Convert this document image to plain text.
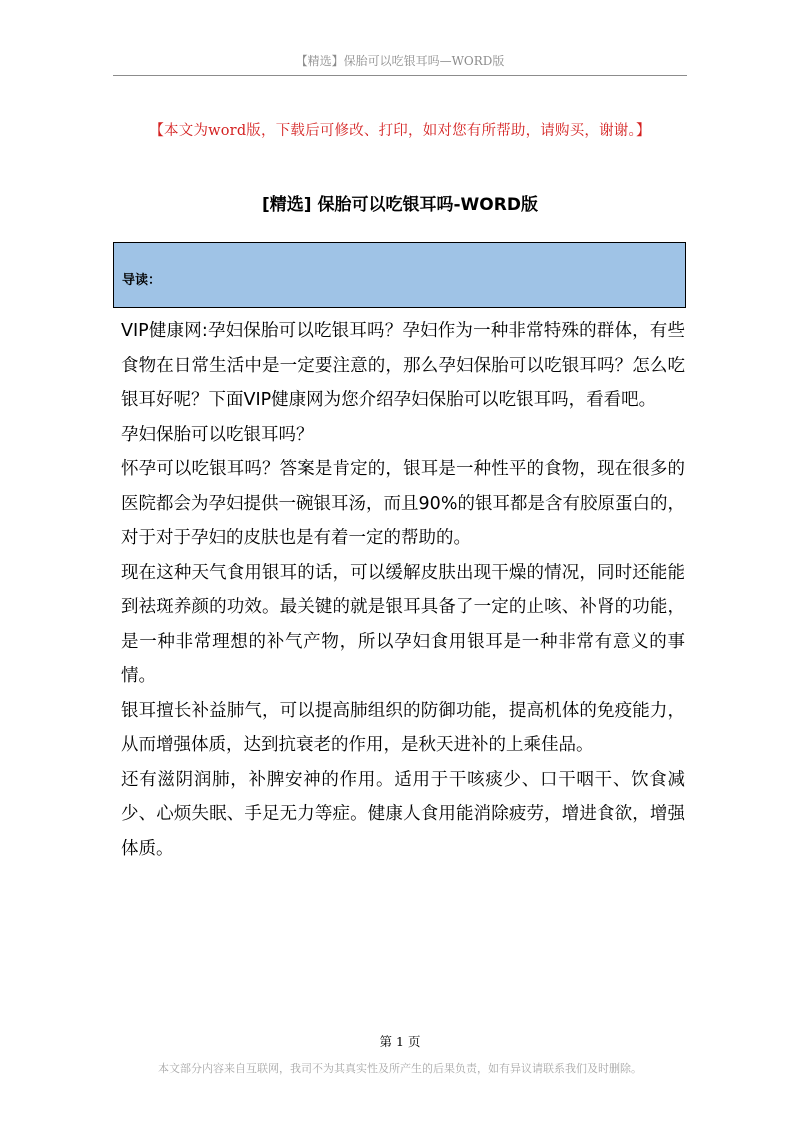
【精选】保胎可以吃银耳吗—WORD版
【本文为word版，下载后可修改、打印，如对您有所帮助，请购买，谢谢。】
[精选] 保胎可以吃银耳吗-WORD版
导读：

VIP健康网:孕妇保胎可以吃银耳吗？孕妇作为一种非常特殊的群体，有些食物在日常生活中是一定要注意的，那么孕妇保胎可以吃银耳吗？怎么吃银耳好呢？下面VIP健康网为您介绍孕妇保胎可以吃银耳吗，看看吧。

孕妇保胎可以吃银耳吗？

怀孕可以吃银耳吗？答案是肯定的，银耳是一种性平的食物，现在很多的医院都会为孕妇提供一碗银耳汤，而且90%的银耳都是含有胶原蛋白的，对于对于孕妇的皮肤也是有着一定的帮助的。

现在这种天气食用银耳的话，可以缓解皮肤出现干燥的情况，同时还能能到祛斑养颜的功效。最关键的就是银耳具备了一定的止咳、补肾的功能，是一种非常理想的补气产物，所以孕妇食用银耳是一种非常有意义的事情。

银耳擅长补益肺气，可以提高肺组织的防御功能，提高机体的免疫能力，从而增强体质，达到抗衰老的作用，是秋天进补的上乘佳品。

还有滋阴润肺，补脾安神的作用。适用于干咳痰少、口干咽干、饮食减少、心烦失眠、手足无力等症。健康人食用能消除疲劳，增进食欲，增强体质。

第 1 页
本文部分内容来自互联网，我司不为其真实性及所产生的后果负责，如有异议请联系我们及时删除。
